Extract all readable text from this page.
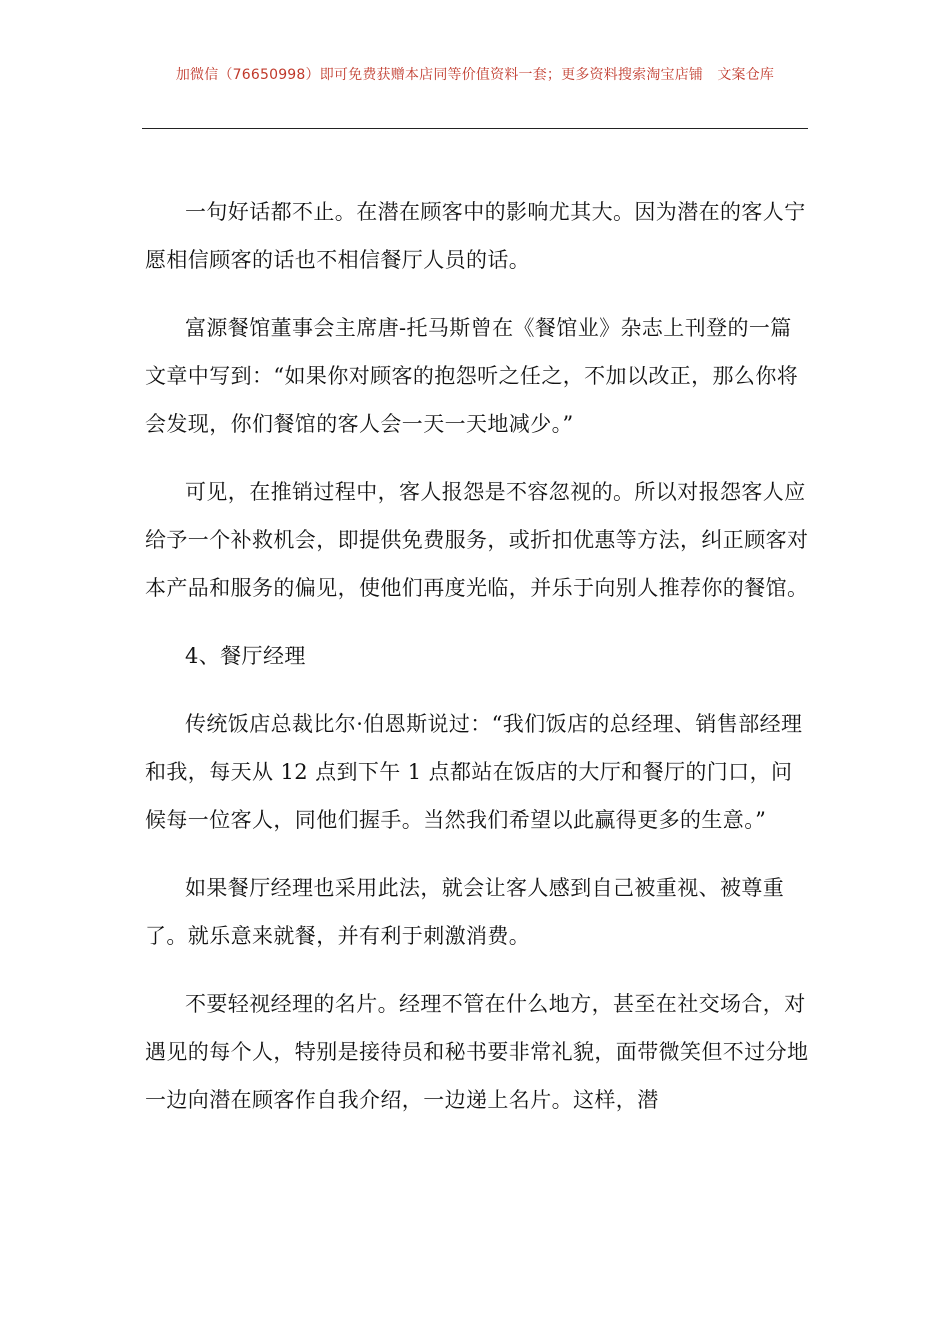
加微信（76650998）即可免费获赠本店同等价值资料一套；更多资料搜索淘宝店铺　文案仓库

一句好话都不止。在潜在顾客中的影响尤其大。因为潜在的客人宁愿相信顾客的话也不相信餐厅人员的话。

富源餐馆董事会主席唐-托马斯曾在《餐馆业》杂志上刊登的一篇文章中写到：“如果你对顾客的抱怨听之任之，不加以改正，那么你将会发现，你们餐馆的客人会一天一天地减少。”

可见，在推销过程中，客人报怨是不容忽视的。所以对报怨客人应给予一个补救机会，即提供免费服务，或折扣优惠等方法，纠正顾客对本产品和服务的偏见，使他们再度光临，并乐于向别人推荐你的餐馆。

4、餐厅经理

传统饭店总裁比尔·伯恩斯说过：“我们饭店的总经理、销售部经理和我，每天从 12 点到下午 1 点都站在饭店的大厅和餐厅的门口，问候每一位客人，同他们握手。当然我们希望以此赢得更多的生意。”

如果餐厅经理也采用此法，就会让客人感到自己被重视、被尊重了。就乐意来就餐，并有利于刺激消费。

不要轻视经理的名片。经理不管在什么地方，甚至在社交场合，对遇见的每个人，特别是接待员和秘书要非常礼貌，面带微笑但不过分地一边向潜在顾客作自我介绍，一边递上名片。这样，潜
